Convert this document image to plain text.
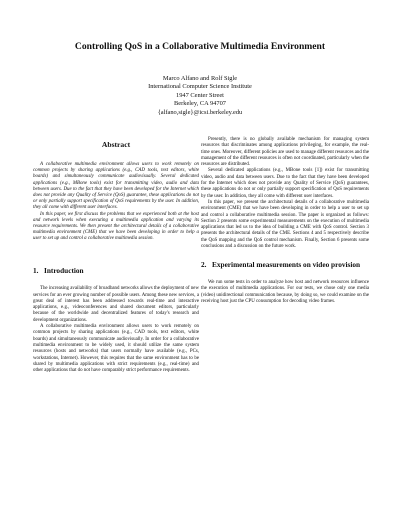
Controlling QoS in a Collaborative Multimedia Environment
Marco Alfano and Rolf Sigle
International Computer Science Institute
1947 Center Street
Berkeley, CA 94707
{alfano,sigle}@icsi.berkeley.edu
Abstract

A collaborative multimedia environment allows users to work remotely on common projects by sharing applications (e.g., CAD tools, text editors, white boards) and simultaneously communicate audiovisually. Several dedicated applications (e.g., MBone tools) exist for transmitting video, audio and data between users. Due to the fact that they have been developed for the Internet which does not provide any Quality of Service (QoS) guarantee, these applications do not or only partially support specification of QoS requirements by the user. In addition, they all come with different user interfaces.

In this paper, we first discuss the problems that we experienced both at the host and network levels when executing a multimedia application and varying its resource requirements. We then present the architectural details of a collaborative multimedia environment (CME) that we have been developing in order to help a user to set up and control a collaborative multimedia session.

1. Introduction

The increasing availability of broadband networks allows the deployment of new services for an ever growing number of possible users. Among these new services, a great deal of interest has been addressed towards real-time and interactive applications, e.g., videoconferences and shared document editors, particularly because of the worldwide and decentralized features of today's research and development organizations.

A collaborative multimedia environment allows users to work remotely on common projects by sharing applications (e.g., CAD tools, text editors, white boards) and simultaneously communicate audiovisually. In order for a collaborative multimedia environment to be widely used, it should utilize the same system resources (hosts and networks) that users normally have available (e.g., PCs, workstations, Internet). However, this requires that the same environment has to be shared by multimedia applications with strict requirements (e.g., real-time) and other applications that do not have comparably strict performance requirements.

Presently, there is no globally available mechanism for managing system resources that discriminates among applications privileging, for example, the real-time ones. Moreover, different policies are used to manage different resources and the management of the different resources is often not coordinated, particularly when the resources are distributed.

Several dedicated applications (e.g., MBone tools [1]) exist for transmitting video, audio and data between users. Due to the fact that they have been developed for the Internet which does not provide any Quality of Service (QoS) guarantees, these applications do not or only partially support specification of QoS requirements by the user. In addition, they all come with different user interfaces.

In this paper, we present the architectural details of a collaborative multimedia environment (CME) that we have been developing in order to help a user to set up and control a collaborative multimedia session. The paper is organized as follows: Section 2 presents some experimental measurements on the execution of multimedia applications that led us to the idea of building a CME with QoS control. Section 3 presents the architectural details of the CME. Sections 4 and 5 respectively describe the QoS mapping and the QoS control mechanism. Finally, Section 6 presents some conclusions and a discussion on the future work.

2. Experimental measurements on video provision

We run some tests in order to analyze how host and network resources influence the execution of multimedia applications. For our tests, we chose only one media (video) unidirectional communication because, by doing so, we could examine on the receiving host just the CPU consumption for decoding video frames.
